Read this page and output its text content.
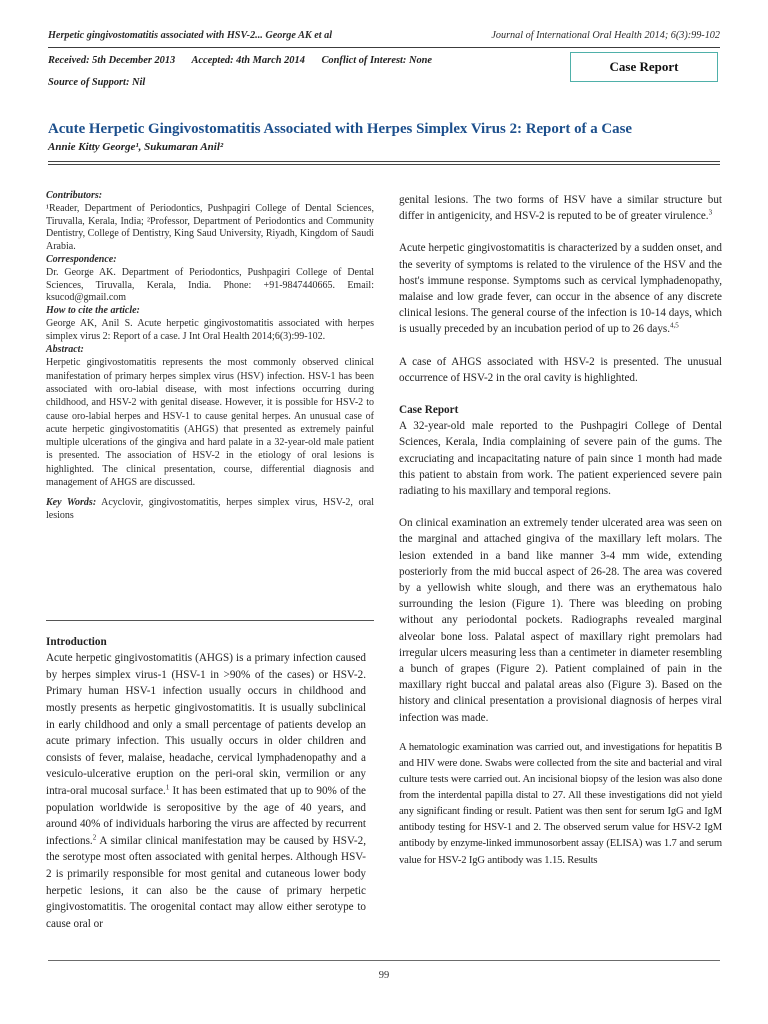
Herpetic gingivostomatitis associated with HSV-2... George AK et al	Journal of International Oral Health 2014; 6(3):99-102
Received: 5th December 2013 Accepted: 4th March 2014 Conflict of Interest: None
Source of Support: Nil
Case Report
Acute Herpetic Gingivostomatitis Associated with Herpes Simplex Virus 2: Report of a Case
Annie Kitty George¹, Sukumaran Anil²
Contributors:

¹Reader, Department of Periodontics, Pushpagiri College of Dental Sciences, Tiruvalla, Kerala, India; ²Professor, Department of Periodontics and Community Dentistry, College of Dentistry, King Saud University, Riyadh, Kingdom of Saudi Arabia.

Correspondence:

Dr. George AK. Department of Periodontics, Pushpagiri College of Dental Sciences, Tiruvalla, Kerala, India. Phone: +91-9847440665. Email: ksucod@gmail.com

How to cite the article:

George AK, Anil S. Acute herpetic gingivostomatitis associated with herpes simplex virus 2: Report of a case. J Int Oral Health 2014;6(3):99-102.

Abstract:

Herpetic gingivostomatitis represents the most commonly observed clinical manifestation of primary herpes simplex virus (HSV) infection. HSV-1 has been associated with oro-labial disease, with most infections occurring during childhood, and HSV-2 with genital disease. However, it is possible for HSV-2 to cause oro-labial herpes and HSV-1 to cause genital herpes. An unusual case of acute herpetic gingivostomatitis (AHGS) that presented as extremely painful multiple ulcerations of the gingiva and hard palate in a 32-year-old male patient is presented. The association of HSV-2 in the etiology of oral lesions is highlighted. The clinical presentation, course, differential diagnosis and management of AHGS are discussed.

Key Words: Acyclovir, gingivostomatitis, herpes simplex virus, HSV-2, oral lesions

Introduction

Acute herpetic gingivostomatitis (AHGS) is a primary infection caused by herpes simplex virus-1 (HSV-1 in >90% of the cases) or HSV-2. Primary human HSV-1 infection usually occurs in childhood and mostly presents as herpetic gingivostomatitis. It is usually subclinical in early childhood and only a small percentage of patients develop an acute primary infection. This usually occurs in older children and consists of fever, malaise, headache, cervical lymphadenopathy and a vesiculo-ulcerative eruption on the peri-oral skin, vermilion or any intra-oral mucosal surface.$^1$ It has been estimated that up to 90% of the population worldwide is seropositive by the age of 40 years, and around 40% of individuals harboring the virus are affected by recurrent infections.$^2$ A similar clinical manifestation may be caused by HSV-2, the serotype most often associated with genital herpes. Although HSV-2 is primarily responsible for most genital and cutaneous lower body herpetic lesions, it can also be the cause of primary herpetic gingivostomatitis. The orogenital contact may allow either serotype to cause oral or

genital lesions. The two forms of HSV have a similar structure but differ in antigenicity, and HSV-2 is reputed to be of greater virulence.$^3$

Acute herpetic gingivostomatitis is characterized by a sudden onset, and the severity of symptoms is related to the virulence of the HSV and the host's immune response. Symptoms such as cervical lymphadenopathy, malaise and low grade fever, can occur in the absence of any discrete clinical lesions. The general course of the infection is 10-14 days, which is usually preceded by an incubation period of up to 26 days.$^{4,5}$

A case of AHGS associated with HSV-2 is presented. The unusual occurrence of HSV-2 in the oral cavity is highlighted.

Case Report

A 32-year-old male reported to the Pushpagiri College of Dental Sciences, Kerala, India complaining of severe pain of the gums. The excruciating and incapacitating nature of pain since 1 month had made this patient to abstain from work. The patient experienced severe pain radiating to his maxillary and temporal regions.

On clinical examination an extremely tender ulcerated area was seen on the marginal and attached gingiva of the maxillary left molars. The lesion extended in a band like manner 3-4 mm wide, extending posteriorly from the mid buccal aspect of 26-28. The area was covered by a yellowish white slough, and there was an erythematous halo surrounding the lesion (Figure 1). There was bleeding on probing without any periodontal pockets. Radiographs revealed marginal alveolar bone loss. Palatal aspect of maxillary right premolars had irregular ulcers measuring less than a centimeter in diameter resembling a bunch of grapes (Figure 2). Patient complained of pain in the maxillary right buccal and palatal areas also (Figure 3). Based on the history and clinical presentation a provisional diagnosis of herpes viral infection was made.

A hematologic examination was carried out, and investigations for hepatitis B and HIV were done. Swabs were collected from the site and bacterial and viral culture tests were carried out. An incisional biopsy of the lesion was also done from the interdental papilla distal to 27. All these investigations did not yield any significant finding or result. Patient was then sent for serum IgG and IgM antibody testing for HSV-1 and 2. The observed serum value for HSV-2 IgM antibody by enzyme-linked immunosorbent assay (ELISA) was 1.7 and serum value for HSV-2 IgG antibody was 1.15. Results

99
